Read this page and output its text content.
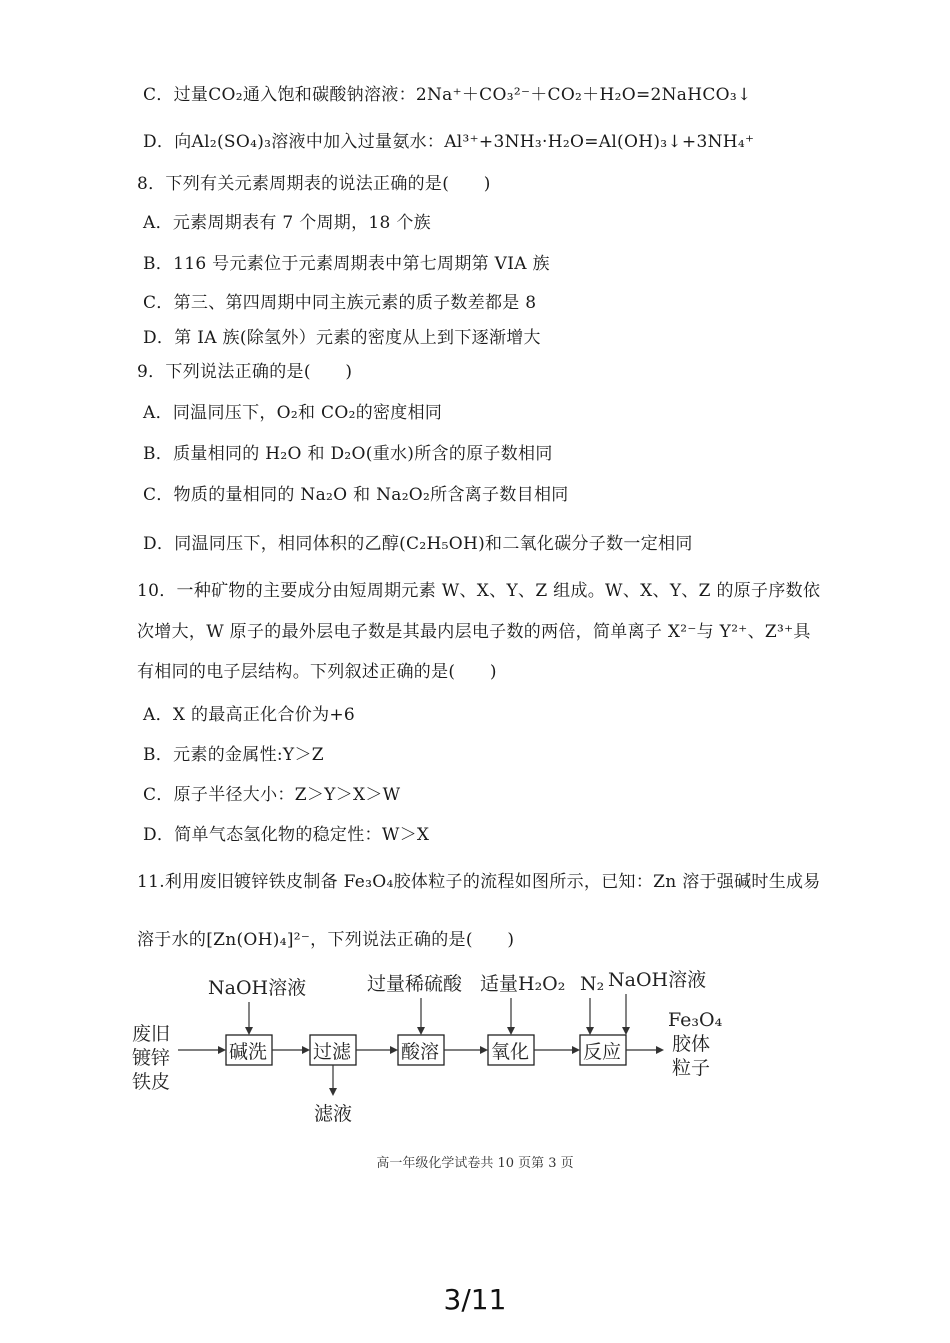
C．过量CO₂通入饱和碳酸钠溶液：2Na⁺＋CO₃²⁻＋CO₂＋H₂O=2NaHCO₃↓
D．向Al₂(SO₄)₃溶液中加入过量氨水：Al³⁺+3NH₃·H₂O=Al(OH)₃↓+3NH₄⁺
8．下列有关元素周期表的说法正确的是(　　)
A．元素周期表有 7 个周期，18 个族
B．116 号元素位于元素周期表中第七周期第 VIA 族
C．第三、第四周期中同主族元素的质子数差都是 8
D．第 IA 族(除氢外）元素的密度从上到下逐渐增大
9．下列说法正确的是(　　)
A．同温同压下，O₂和 CO₂的密度相同
B．质量相同的 H₂O 和 D₂O(重水)所含的原子数相同
C．物质的量相同的 Na₂O 和 Na₂O₂所含离子数目相同
D．同温同压下，相同体积的乙醇(C₂H₅OH)和二氧化碳分子数一定相同
10．一种矿物的主要成分由短周期元素 W、X、Y、Z 组成。W、X、Y、Z 的原子序数依
次增大，W 原子的最外层电子数是其最内层电子数的两倍，简单离子 X²⁻与 Y²⁺、Z³⁺具
有相同的电子层结构。下列叙述正确的是(　　)
A．X 的最高正化合价为+6
B．元素的金属性:Y＞Z
C．原子半径大小：Z＞Y＞X＞W
D．简单气态氢化物的稳定性：W＞X
11.利用废旧镀锌铁皮制备 Fe₃O₄胶体粒子的流程如图所示，已知：Zn 溶于强碱时生成易
溶于水的[Zn(OH)₄]²⁻，下列说法正确的是(　　)
废旧
镀锌
铁皮
碱洗
NaOH溶液
过滤
滤液
酸溶
过量稀硫酸
氧化
适量H₂O₂
反应
N₂ NaOH溶液
Fe₃O₄
胶体
粒子
高一年级化学试卷共 10 页第 3 页
3/11
